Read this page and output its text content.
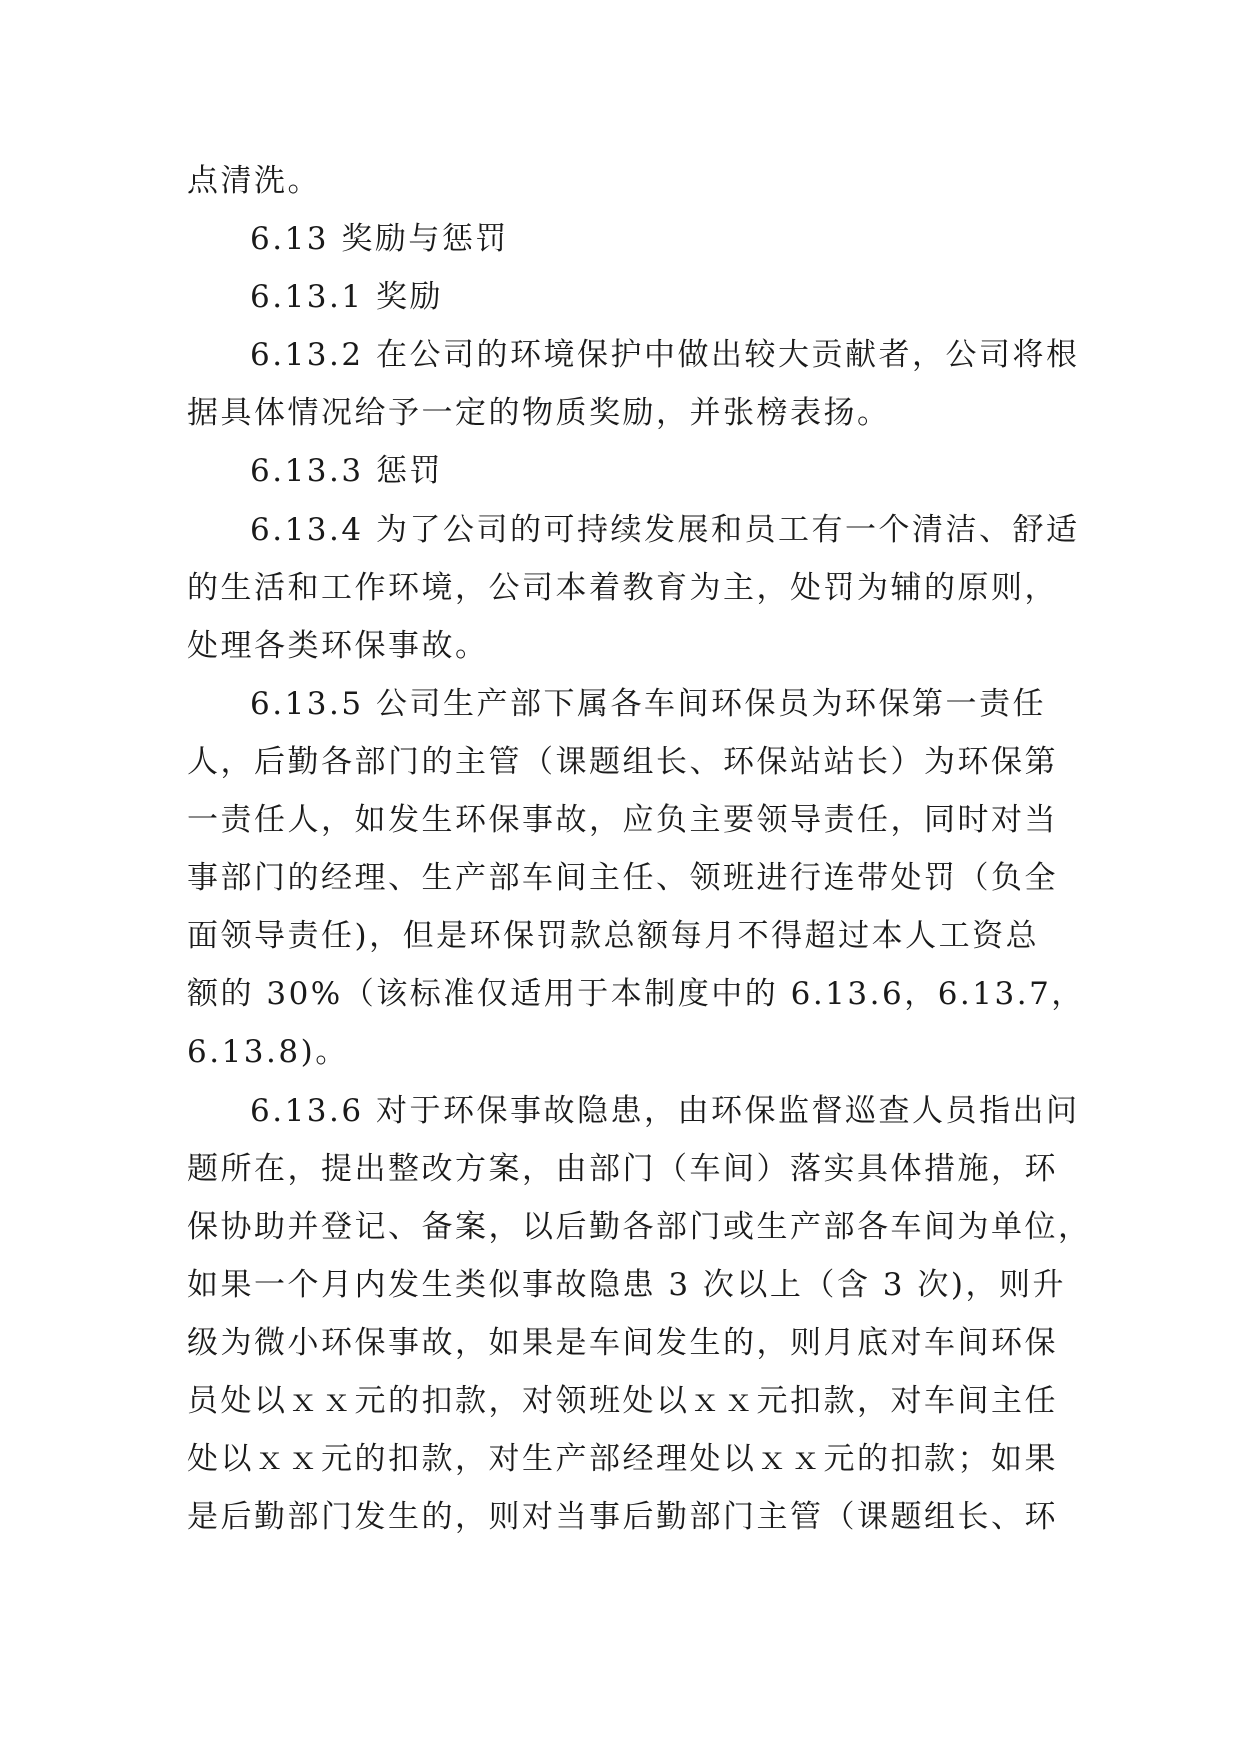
点清洗。
6.13 奖励与惩罚
6.13.1 奖励
6.13.2 在公司的环境保护中做出较大贡献者，公司将根
据具体情况给予一定的物质奖励，并张榜表扬。
6.13.3 惩罚
6.13.4 为了公司的可持续发展和员工有一个清洁、舒适
的生活和工作环境，公司本着教育为主，处罚为辅的原则，
处理各类环保事故。
6.13.5 公司生产部下属各车间环保员为环保第一责任
人，后勤各部门的主管（课题组长、环保站站长）为环保第
一责任人，如发生环保事故，应负主要领导责任，同时对当
事部门的经理、生产部车间主任、领班进行连带处罚（负全
面领导责任)，但是环保罚款总额每月不得超过本人工资总
额的 30%（该标准仅适用于本制度中的 6.13.6，6.13.7，
6.13.8)。
6.13.6 对于环保事故隐患，由环保监督巡查人员指出问
题所在，提出整改方案，由部门（车间）落实具体措施，环
保协助并登记、备案，以后勤各部门或生产部各车间为单位，
如果一个月内发生类似事故隐患 3 次以上（含 3 次)，则升
级为微小环保事故，如果是车间发生的，则月底对车间环保
员处以ｘｘ元的扣款，对领班处以ｘｘ元扣款，对车间主任
处以ｘｘ元的扣款，对生产部经理处以ｘｘ元的扣款；如果
是后勤部门发生的，则对当事后勤部门主管（课题组长、环
